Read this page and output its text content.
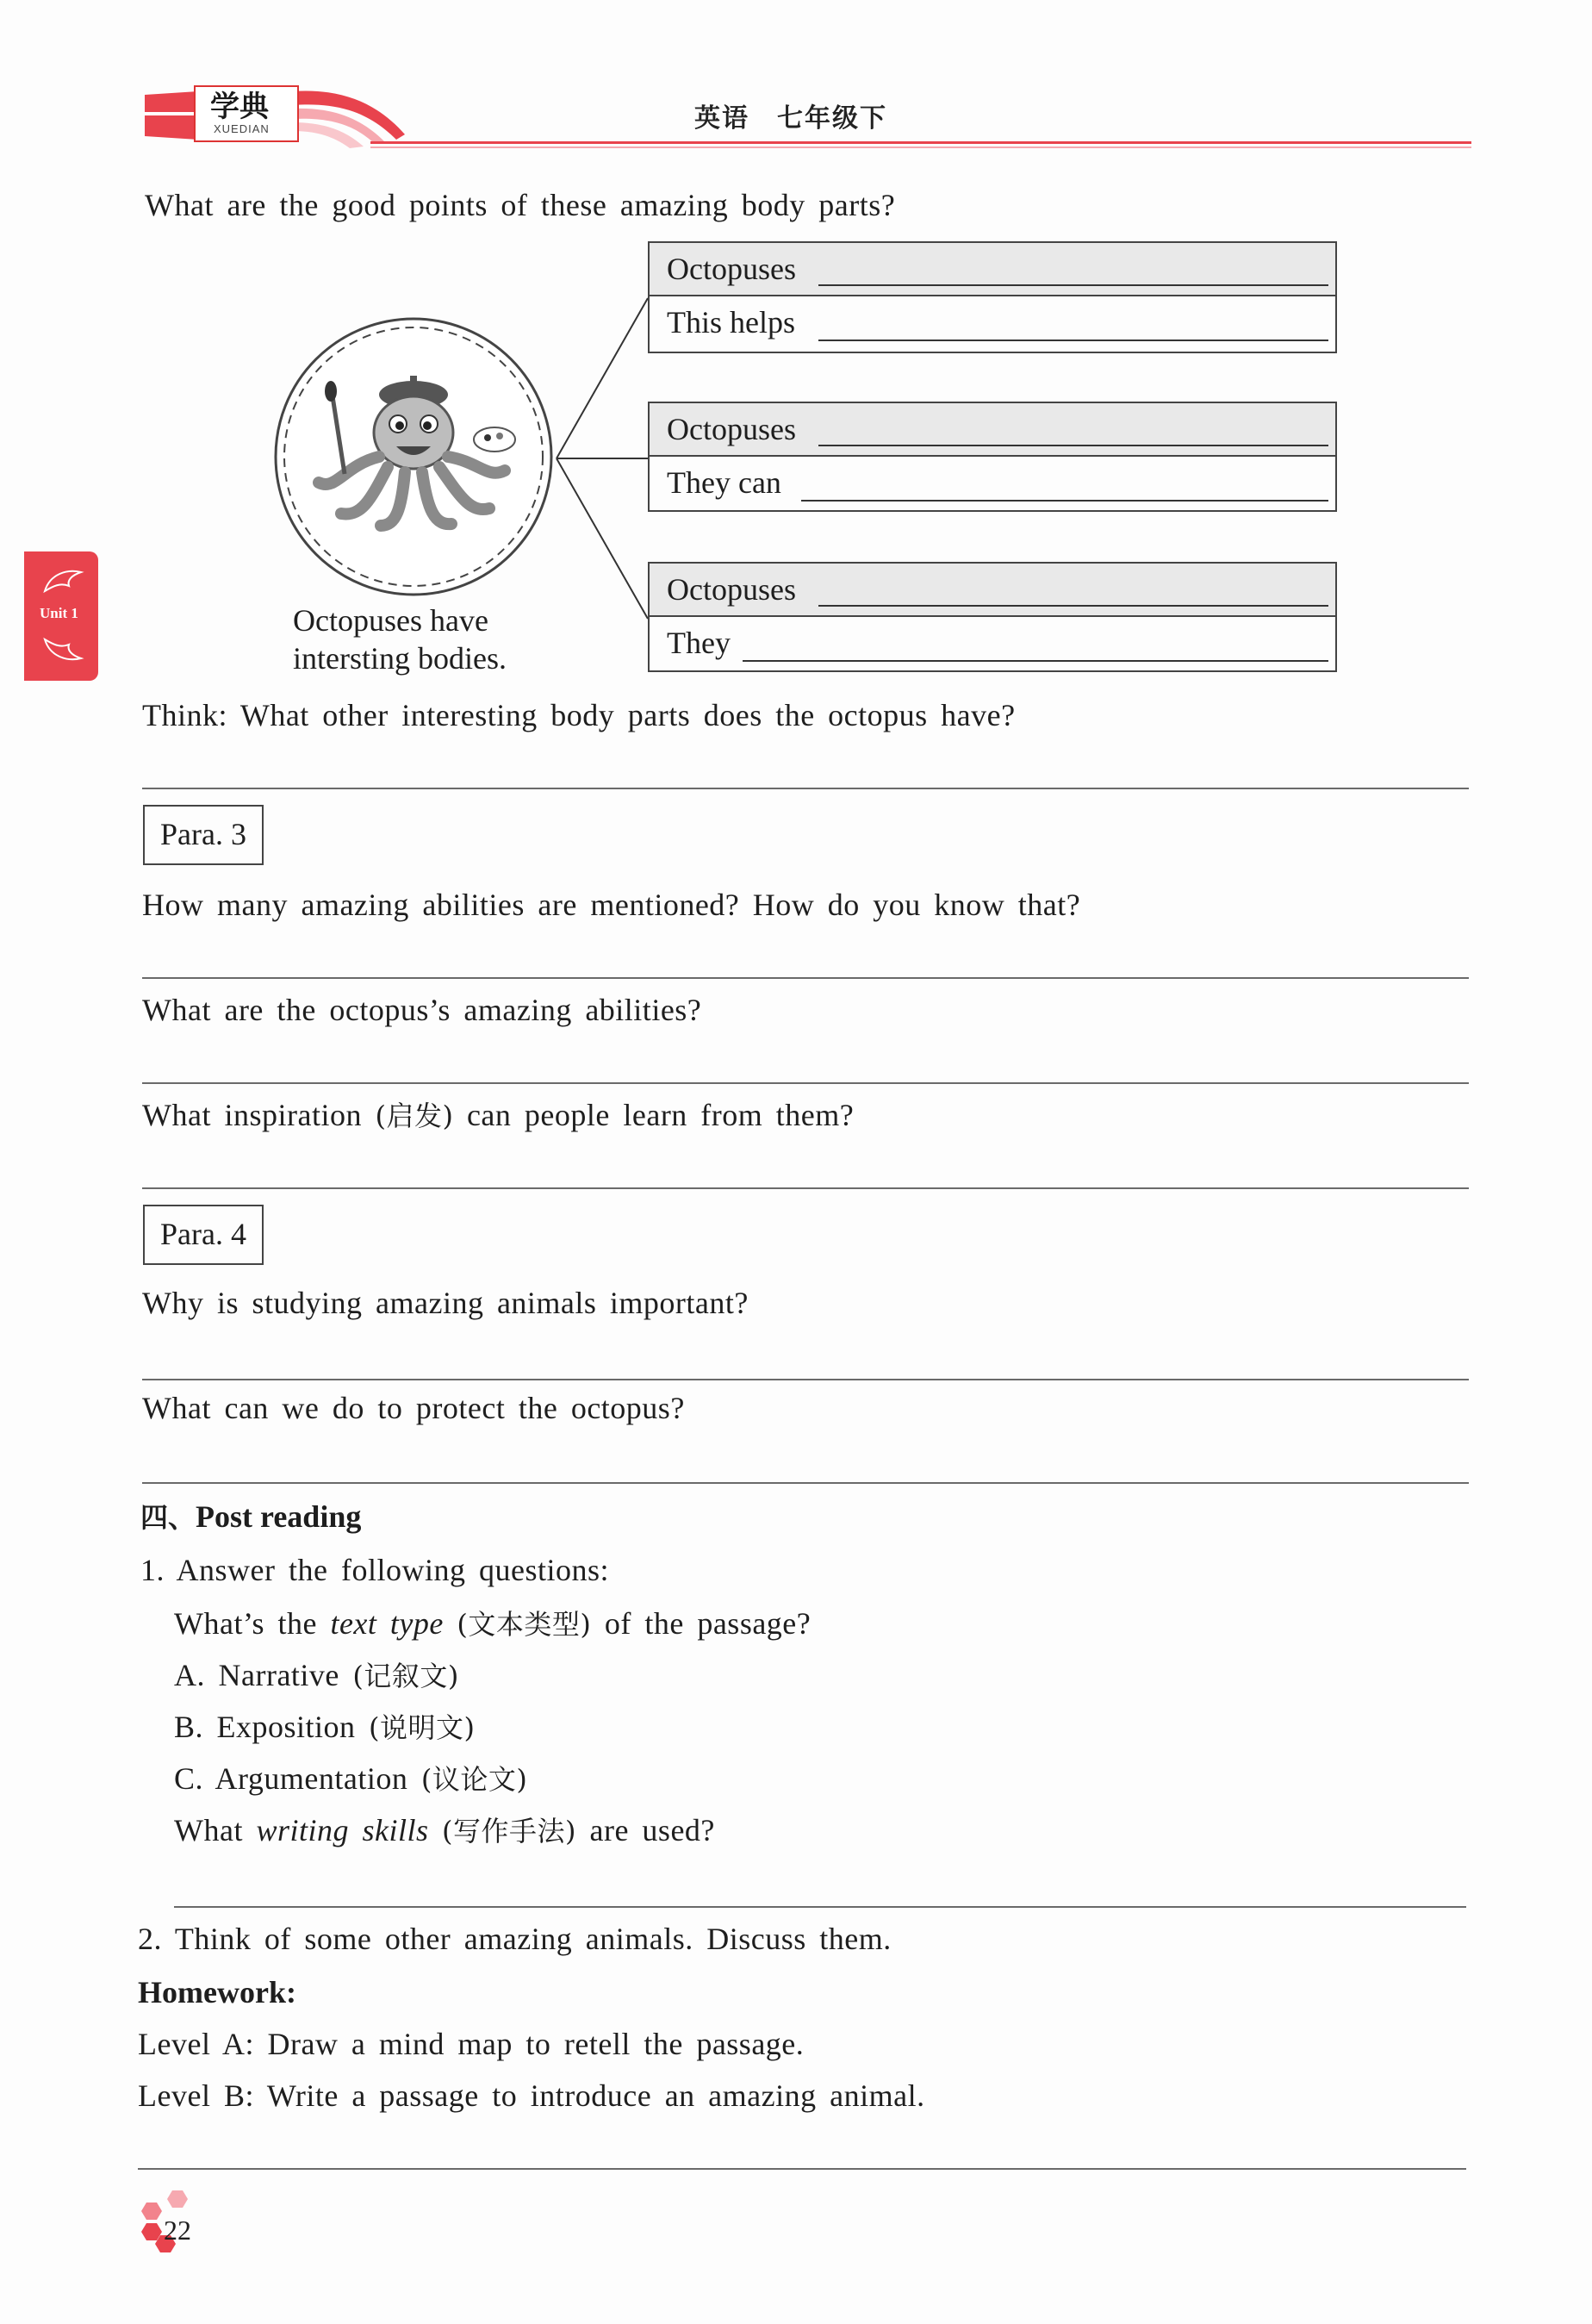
学典
XUEDIAN	英语　七年级下
Unit 1
What are the good points of these amazing body parts?
Octopuses have
intersting bodies.
Octopuses
This helps
Octopuses
They can
Octopuses
They
Think: What other interesting body parts does the octopus have?
Para. 3
How many amazing abilities are mentioned? How do you know that?
What are the octopus’s amazing abilities?
What inspiration (启发) can people learn from them?
Para. 4
Why is studying amazing animals important?
What can we do to protect the octopus?
四、Post reading
1. Answer the following questions:
What’s the text type (文本类型) of the passage?
A. Narrative (记叙文)
B. Exposition (说明文)
C. Argumentation (议论文)
What writing skills (写作手法) are used?
2. Think of some other amazing animals. Discuss them.
Homework:
Level A: Draw a mind map to retell the passage.
Level B: Write a passage to introduce an amazing animal.
22
